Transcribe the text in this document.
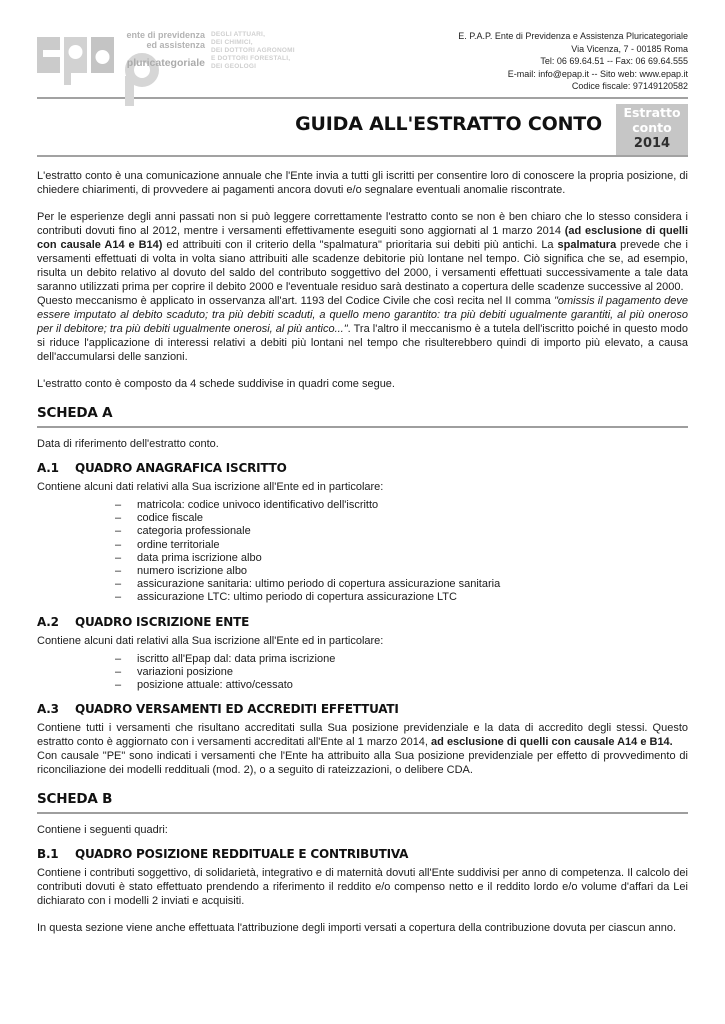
ente di previdenza
ed assistenza
pluricategoriale
DEGLI ATTUARI,
DEI CHIMICI,
DEI DOTTORI AGRONOMI
E DOTTORI FORESTALI,
DEI GEOLOGI
E. P.A.P. Ente di Previdenza e Assistenza Pluricategoriale
Via Vicenza, 7 - 00185 Roma
Tel: 06 69.64.51 -- Fax: 06 69.64.555
E-mail: info@epap.it -- Sito web: www.epap.it
Codice fiscale: 97149120582
GUIDA ALL'ESTRATTO CONTO
Estratto
conto
2014

L'estratto conto è una comunicazione annuale che l'Ente invia a tutti gli iscritti per consentire loro di conoscere la propria posizione, di chiedere chiarimenti, di provvedere ai pagamenti ancora dovuti e/o segnalare eventuali anomalie riscontrate.

Per le esperienze degli anni passati non si può leggere correttamente l'estratto conto se non è ben chiaro che lo stesso considera i contributi dovuti fino al 2012, mentre i versamenti effettivamente eseguiti sono aggiornati al 1 marzo 2014 (ad esclusione di quelli con causale A14 e B14) ed attribuiti con il criterio della "spalmatura" prioritaria sui debiti più antichi. La spalmatura prevede che i versamenti effettuati di volta in volta siano attribuiti alle scadenze debitorie più lontane nel tempo. Ciò significa che se, ad esempio, risulta un debito relativo al dovuto del saldo del contributo soggettivo del 2000, i versamenti effettuati successivamente a tale data saranno utilizzati prima per coprire il debito 2000 e l'eventuale residuo sarà destinato a copertura delle scadenze successive al 2000.
Questo meccanismo è applicato in osservanza all'art. 1193 del Codice Civile che così recita nel II comma "omissis il pagamento deve essere imputato al debito scaduto; tra più debiti scaduti, a quello meno garantito: tra più debiti ugualmente garantiti, al più oneroso per il debitore; tra più debiti ugualmente onerosi, al più antico...". Tra l'altro il meccanismo è a tutela dell'iscritto poiché in questo modo si riduce l'applicazione di interessi relativi a debiti più lontani nel tempo che risulterebbero quindi di importo più elevato, a causa dell'accumularsi delle sanzioni.

L'estratto conto è composto da 4 schede suddivise in quadri come segue.

SCHEDA A

Data di riferimento dell'estratto conto.

A.1 QUADRO ANAGRAFICA ISCRITTO

Contiene alcuni dati relativi alla Sua iscrizione all'Ente ed in particolare:

– matricola: codice univoco identificativo dell'iscritto
– codice fiscale
– categoria professionale
– ordine territoriale
– data prima iscrizione albo
– numero iscrizione albo
– assicurazione sanitaria: ultimo periodo di copertura assicurazione sanitaria
– assicurazione LTC: ultimo periodo di copertura assicurazione LTC
A.2 QUADRO ISCRIZIONE ENTE

Contiene alcuni dati relativi alla Sua iscrizione all'Ente ed in particolare:

– iscritto all'Epap dal: data prima iscrizione
– variazioni posizione
– posizione attuale: attivo/cessato
A.3 QUADRO VERSAMENTI ED ACCREDITI EFFETTUATI

Contiene tutti i versamenti che risultano accreditati sulla Sua posizione previdenziale e la data di accredito degli stessi. Questo estratto conto è aggiornato con i versamenti accreditati all'Ente al 1 marzo 2014, ad esclusione di quelli con causale A14 e B14.
Con causale "PE" sono indicati i versamenti che l'Ente ha attribuito alla Sua posizione previdenziale per effetto di provvedimento di riconciliazione dei modelli reddituali (mod. 2), o a seguito di rateizzazioni, o delibere CDA.

SCHEDA B

Contiene i seguenti quadri:

B.1 QUADRO POSIZIONE REDDITUALE E CONTRIBUTIVA

Contiene i contributi soggettivo, di solidarietà, integrativo e di maternità dovuti all'Ente suddivisi per anno di competenza. Il calcolo dei contributi dovuti è stato effettuato prendendo a riferimento il reddito e/o compenso netto e il reddito lordo e/o volume d'affari da Lei dichiarato con i modelli 2 inviati e acquisiti.

In questa sezione viene anche effettuata l'attribuzione degli importi versati a copertura della contribuzione dovuta per ciascun anno.
